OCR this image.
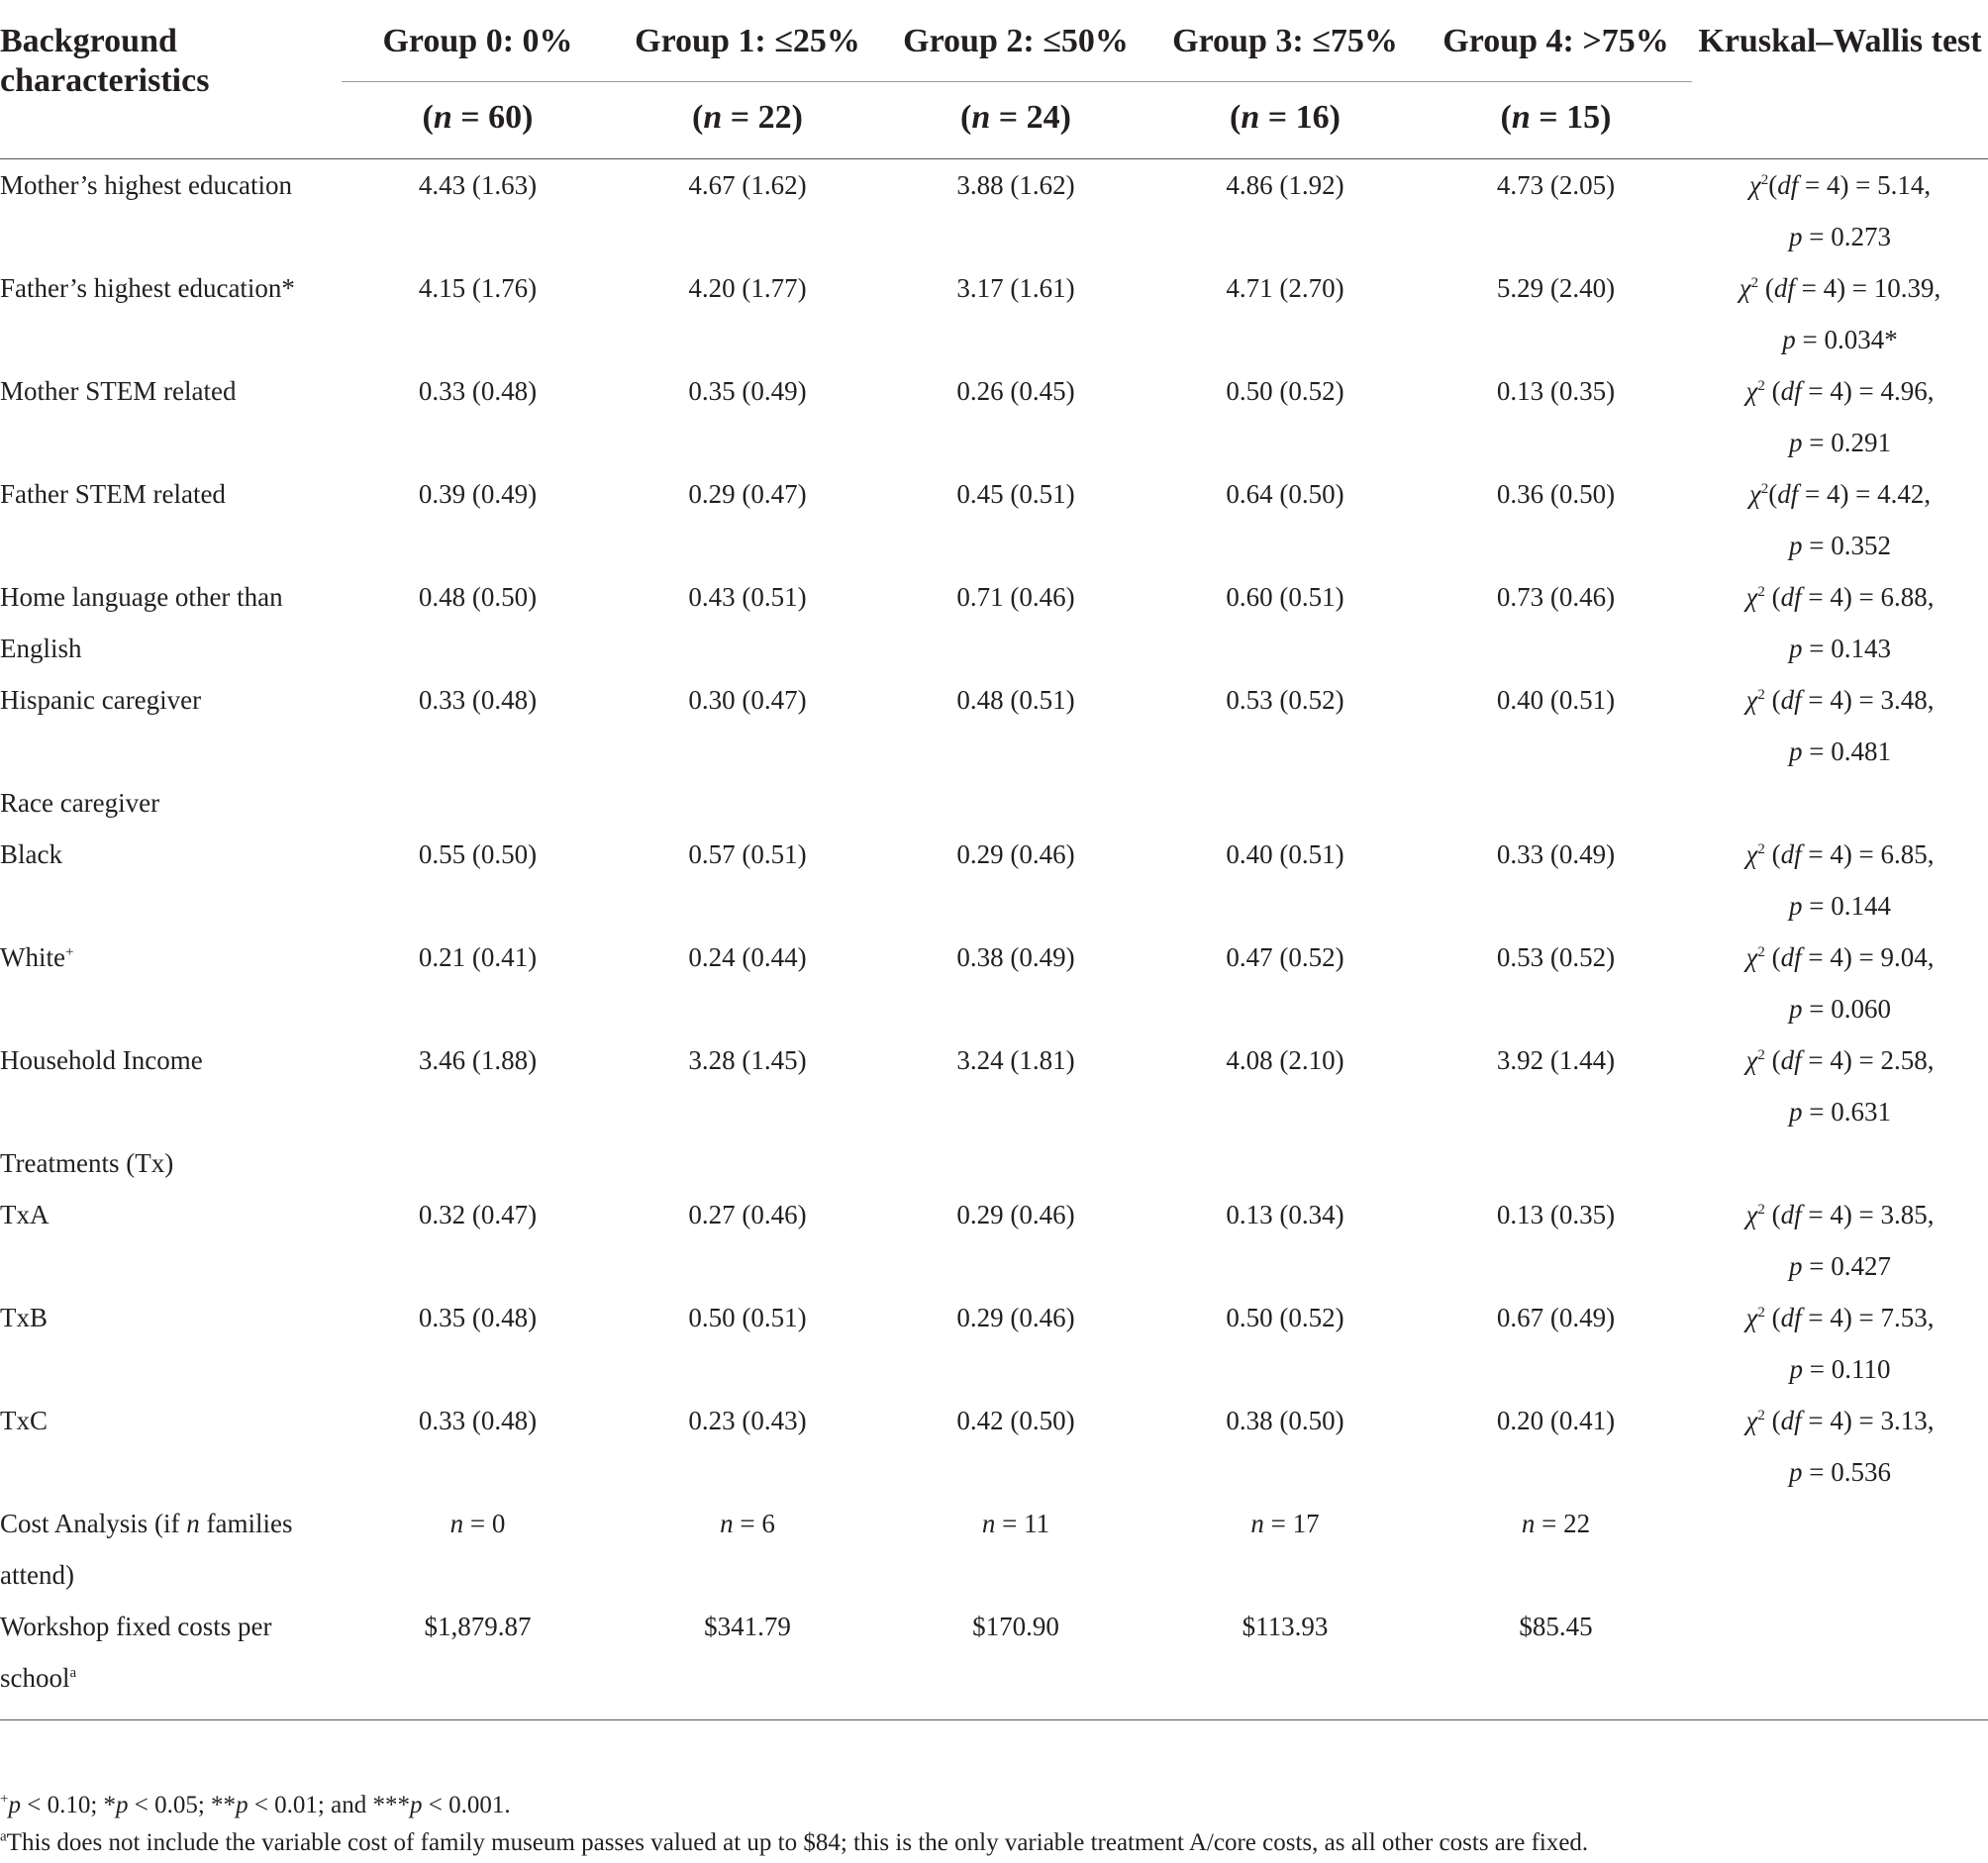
Background characteristics	Group 0: 0%	Group 1: ≤25%	Group 2: ≤50%	Group 3: ≤75%	Group 4: >75%	Kruskal–Wallis test
	(n = 60)	(n = 22)	(n = 24)	(n = 16)	(n = 15)	
Mother’s highest education	4.43 (1.63)	4.67 (1.62)	3.88 (1.62)	4.86 (1.92)	4.73 (2.05)	$\chi^2(df = 4) = 5.14$,
p = 0.273

Father’s highest education*	4.15 (1.76)	4.20 (1.77)	3.17 (1.61)	4.71 (2.70)	5.29 (2.40)	$\chi^2$ (df = 4) = 10.39,
p = 0.034*

Mother STEM related	0.33 (0.48)	0.35 (0.49)	0.26 (0.45)	0.50 (0.52)	0.13 (0.35)	$\chi^2$ (df = 4) = 4.96,
p = 0.291

Father STEM related	0.39 (0.49)	0.29 (0.47)	0.45 (0.51)	0.64 (0.50)	0.36 (0.50)	$\chi^2(df = 4) = 4.42$,
p = 0.352

Home language other than English	0.48 (0.50)	0.43 (0.51)	0.71 (0.46)	0.60 (0.51)	0.73 (0.46)	$\chi^2$ (df = 4) = 6.88,
p = 0.143

Hispanic caregiver	0.33 (0.48)	0.30 (0.47)	0.48 (0.51)	0.53 (0.52)	0.40 (0.51)	$\chi^2$ (df = 4) = 3.48,
p = 0.481

Race caregiver						
Black	0.55 (0.50)	0.57 (0.51)	0.29 (0.46)	0.40 (0.51)	0.33 (0.49)	$\chi^2$ (df = 4) = 6.85,
p = 0.144

White+	0.21 (0.41)	0.24 (0.44)	0.38 (0.49)	0.47 (0.52)	0.53 (0.52)	$\chi^2$ (df = 4) = 9.04,
p = 0.060

Household Income	3.46 (1.88)	3.28 (1.45)	3.24 (1.81)	4.08 (2.10)	3.92 (1.44)	$\chi^2$ (df = 4) = 2.58,
p = 0.631

Treatments (Tx)						
TxA	0.32 (0.47)	0.27 (0.46)	0.29 (0.46)	0.13 (0.34)	0.13 (0.35)	$\chi^2$ (df = 4) = 3.85,
p = 0.427

TxB	0.35 (0.48)	0.50 (0.51)	0.29 (0.46)	0.50 (0.52)	0.67 (0.49)	$\chi^2$ (df = 4) = 7.53,
p = 0.110

TxC	0.33 (0.48)	0.23 (0.43)	0.42 (0.50)	0.38 (0.50)	0.20 (0.41)	$\chi^2$ (df = 4) = 3.13,
p = 0.536

Cost Analysis (if n families attend)	n = 0	n = 6	n = 11	n = 17	n = 22	
Workshop fixed costs per school$^a$	$1,879.87	$341.79	$170.90	$113.93	$85.45	
+p < 0.10; *p < 0.05; **p < 0.01; and ***p < 0.001.
$^a$This does not include the variable cost of family museum passes valued at up to $84; this is the only variable treatment A/core costs, as all other costs are fixed.
